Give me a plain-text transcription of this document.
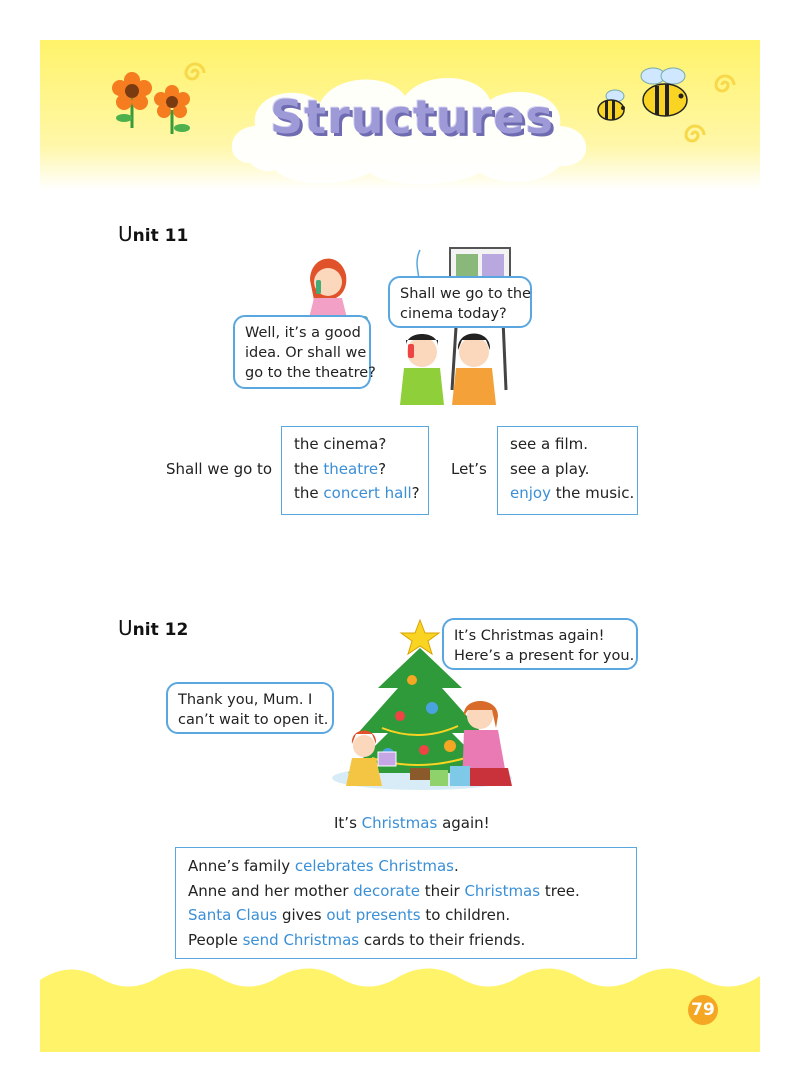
Structures
Unit 11
Well, it’s a good
idea. Or shall we
go to the theatre?
Shall we go to the
cinema today?
Shall we go to
the cinema?
the theatre?
the concert hall?
Let’s
see a film.
see a play.
enjoy the music.
Unit 12	It’s Christmas again!
Here’s a present for you.
Thank you, Mum. I
can’t wait to open it.
It’s Christmas again!
Anne’s family celebrates Christmas.
Anne and her mother decorate their Christmas tree.
Santa Claus gives out presents to children.
People send Christmas cards to their friends.
79
